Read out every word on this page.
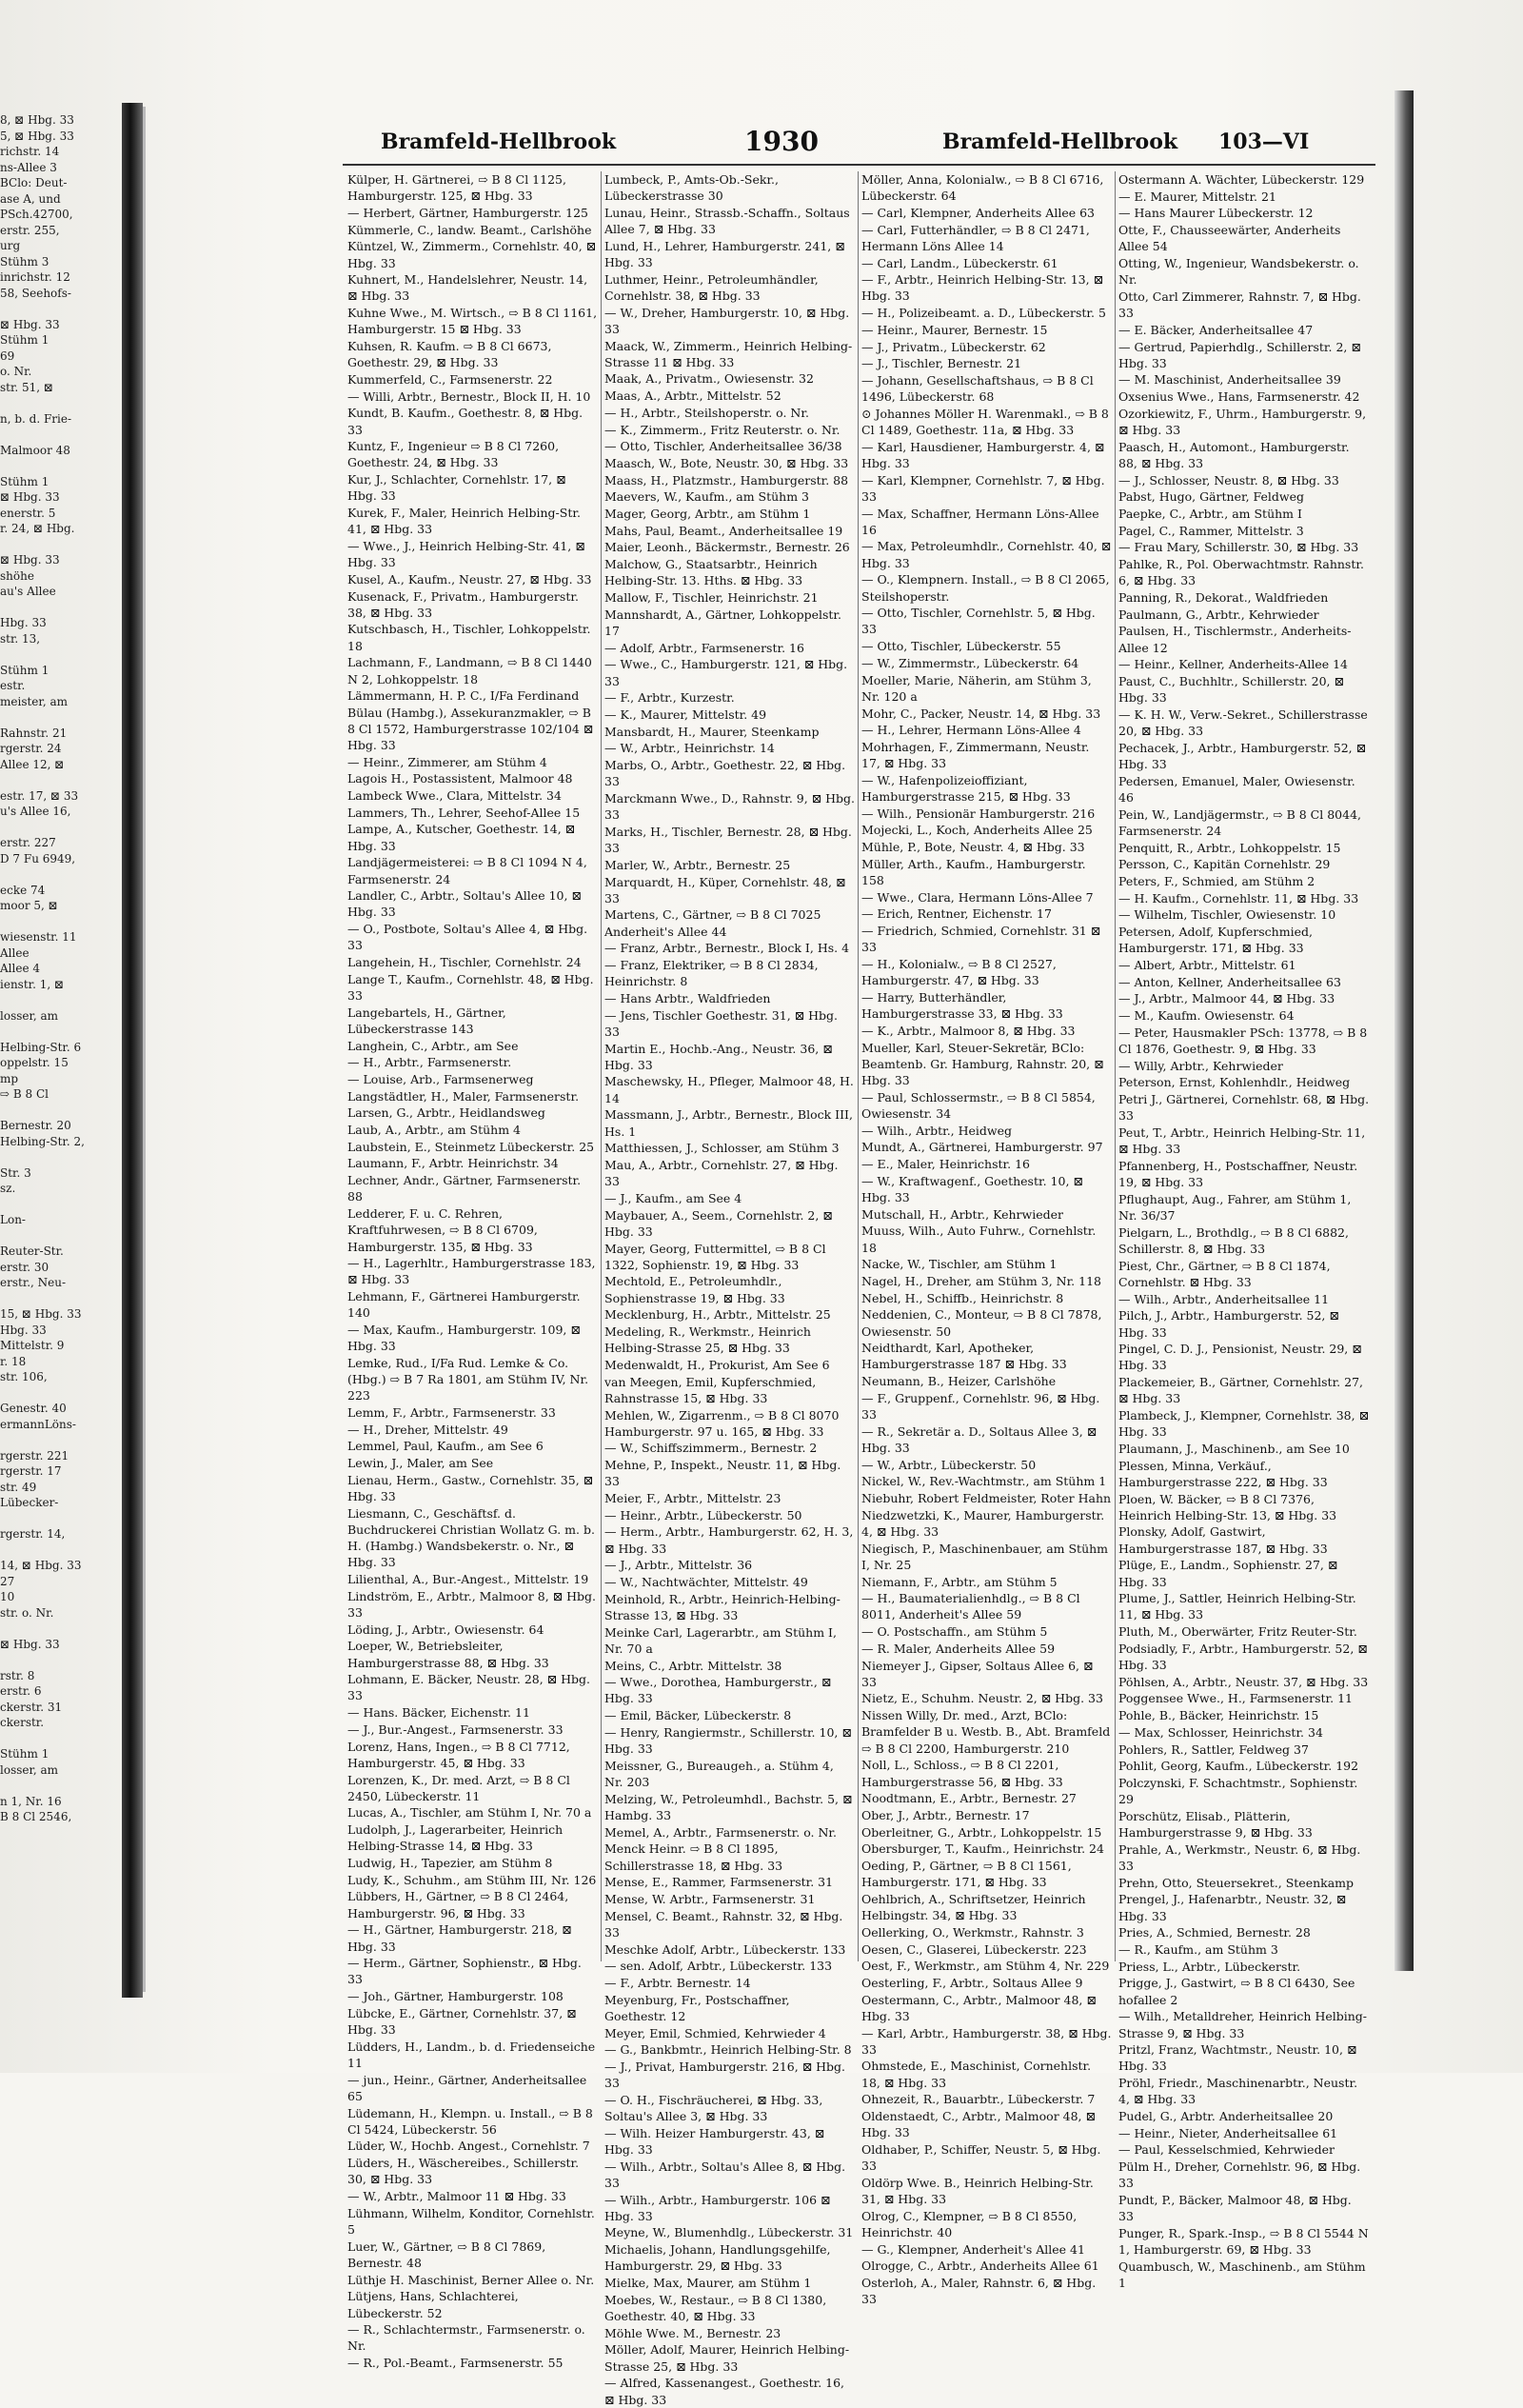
8, ⊠ Hbg. 33
5, ⊠ Hbg. 33
richstr. 14
ns-Allee 3
BClo: Deut-
ase A, und
PSch.42700,
erstr. 255,
urg
Stühm 3
inrichstr. 12
58, Seehofs-

⊠ Hbg. 33
Stühm 1
69
o. Nr.
str. 51, ⊠

n, b. d. Frie-

Malmoor 48

Stühm 1
⊠ Hbg. 33
enerstr. 5
r. 24, ⊠ Hbg.

⊠ Hbg. 33
shöhe
au's Allee

Hbg. 33
str. 13,

Stühm 1
estr.
meister, am

Rahnstr. 21
rgerstr. 24
Allee 12, ⊠

estr. 17, ⊠ 33
u's Allee 16,

erstr. 227
D 7 Fu 6949,

ecke 74
moor 5, ⊠

wiesenstr. 11
Allee
Allee 4
ienstr. 1, ⊠

losser, am

Helbing-Str. 6
oppelstr. 15
mp
⇨ B 8 Cl

Bernestr. 20
Helbing-Str. 2,

Str. 3
sz.

Lon-

Reuter-Str.
erstr. 30
erstr., Neu-

15, ⊠ Hbg. 33
Hbg. 33
Mittelstr. 9
r. 18
str. 106,

Genestr. 40
ermannLöns-

rgerstr. 221
rgerstr. 17
str. 49
Lübecker-

rgerstr. 14,

14, ⊠ Hbg. 33
27
10
str. o. Nr.

⊠ Hbg. 33

rstr. 8
erstr. 6
ckerstr. 31
ckerstr.

Stühm 1
losser, am

n 1, Nr. 16
B 8 Cl 2546,
Bramfeld-Hellbrook	1930	Bramfeld-Hellbrook 103—VI
Külper, H. Gärtnerei, ⇨ B 8 Cl 1125, Hamburgerstr. 125, ⊠ Hbg. 33
— Herbert, Gärtner, Hamburgerstr. 125
Kümmerle, C., landw. Beamt., Carlshöhe
Küntzel, W., Zimmerm., Cornehlstr. 40, ⊠ Hbg. 33
Kuhnert, M., Handelslehrer, Neustr. 14, ⊠ Hbg. 33
Kuhne Wwe., M. Wirtsch., ⇨ B 8 Cl 1161, Hamburgerstr. 15 ⊠ Hbg. 33
Kuhsen, R. Kaufm. ⇨ B 8 Cl 6673, Goethestr. 29, ⊠ Hbg. 33
Kummerfeld, C., Farmsenerstr. 22
— Willi, Arbtr., Bernestr., Block II, H. 10
Kundt, B. Kaufm., Goethestr. 8, ⊠ Hbg. 33
Kuntz, F., Ingenieur ⇨ B 8 Cl 7260, Goethestr. 24, ⊠ Hbg. 33
Kur, J., Schlachter, Cornehlstr. 17, ⊠ Hbg. 33
Kurek, F., Maler, Heinrich Helbing-Str. 41, ⊠ Hbg. 33
— Wwe., J., Heinrich Helbing-Str. 41, ⊠ Hbg. 33
Kusel, A., Kaufm., Neustr. 27, ⊠ Hbg. 33
Kusenack, F., Privatm., Hamburgerstr. 38, ⊠ Hbg. 33
Kutschbasch, H., Tischler, Lohkoppelstr. 18
Lachmann, F., Landmann, ⇨ B 8 Cl 1440 N 2, Lohkoppelstr. 18
Lämmermann, H. P. C., I/Fa Ferdinand Bülau (Hambg.), Assekuranzmakler, ⇨ B 8 Cl 1572, Hamburgerstrasse 102/104 ⊠ Hbg. 33
— Heinr., Zimmerer, am Stühm 4
Lagois H., Postassistent, Malmoor 48
Lambeck Wwe., Clara, Mittelstr. 34
Lammers, Th., Lehrer, Seehof-Allee 15
Lampe, A., Kutscher, Goethestr. 14, ⊠ Hbg. 33
Landjägermeisterei: ⇨ B 8 Cl 1094 N 4, Farmsenerstr. 24
Landler, C., Arbtr., Soltau's Allee 10, ⊠ Hbg. 33
— O., Postbote, Soltau's Allee 4, ⊠ Hbg. 33
Langehein, H., Tischler, Cornehlstr. 24
Lange T., Kaufm., Cornehlstr. 48, ⊠ Hbg. 33
Langebartels, H., Gärtner, Lübeckerstrasse 143
Langhein, C., Arbtr., am See
— H., Arbtr., Farmsenerstr.
— Louise, Arb., Farmsenerweg
Langstädtler, H., Maler, Farmsenerstr.
Larsen, G., Arbtr., Heidlandsweg
Laub, A., Arbtr., am Stühm 4
Laubstein, E., Steinmetz Lübeckerstr. 25
Laumann, F., Arbtr. Heinrichstr. 34
Lechner, Andr., Gärtner, Farmsenerstr. 88
Ledderer, F. u. C. Rehren, Kraftfuhrwesen, ⇨ B 8 Cl 6709, Hamburgerstr. 135, ⊠ Hbg. 33
— H., Lagerhltr., Hamburgerstrasse 183, ⊠ Hbg. 33
Lehmann, F., Gärtnerei Hamburgerstr. 140
— Max, Kaufm., Hamburgerstr. 109, ⊠ Hbg. 33
Lemke, Rud., I/Fa Rud. Lemke & Co. (Hbg.) ⇨ B 7 Ra 1801, am Stühm IV, Nr. 223
Lemm, F., Arbtr., Farmsenerstr. 33
— H., Dreher, Mittelstr. 49
Lemmel, Paul, Kaufm., am See 6
Lewin, J., Maler, am See
Lienau, Herm., Gastw., Cornehlstr. 35, ⊠ Hbg. 33
Liesmann, C., Geschäftsf. d. Buchdruckerei Christian Wollatz G. m. b. H. (Hambg.) Wandsbekerstr. o. Nr., ⊠ Hbg. 33
Lilienthal, A., Bur.-Angest., Mittelstr. 19
Lindström, E., Arbtr., Malmoor 8, ⊠ Hbg. 33
Löding, J., Arbtr., Owiesenstr. 64
Loeper, W., Betriebsleiter, Hamburgerstrasse 88, ⊠ Hbg. 33
Lohmann, E. Bäcker, Neustr. 28, ⊠ Hbg. 33
— Hans. Bäcker, Eichenstr. 11
— J., Bur.-Angest., Farmsenerstr. 33
Lorenz, Hans, Ingen., ⇨ B 8 Cl 7712, Hamburgerstr. 45, ⊠ Hbg. 33
Lorenzen, K., Dr. med. Arzt, ⇨ B 8 Cl 2450, Lübeckerstr. 11
Lucas, A., Tischler, am Stühm I, Nr. 70 a
Ludolph, J., Lagerarbeiter, Heinrich Helbing-Strasse 14, ⊠ Hbg. 33
Ludwig, H., Tapezier, am Stühm 8
Ludy, K., Schuhm., am Stühm III, Nr. 126
Lübbers, H., Gärtner, ⇨ B 8 Cl 2464, Hamburgerstr. 96, ⊠ Hbg. 33
— H., Gärtner, Hamburgerstr. 218, ⊠ Hbg. 33
— Herm., Gärtner, Sophienstr., ⊠ Hbg. 33
— Joh., Gärtner, Hamburgerstr. 108
Lübcke, E., Gärtner, Cornehlstr. 37, ⊠ Hbg. 33
Lüdders, H., Landm., b. d. Friedenseiche 11
— jun., Heinr., Gärtner, Anderheitsallee 65
Lüdemann, H., Klempn. u. Install., ⇨ B 8 Cl 5424, Lübeckerstr. 56
Lüder, W., Hochb. Angest., Cornehlstr. 7
Lüders, H., Wäschereibes., Schillerstr. 30, ⊠ Hbg. 33
— W., Arbtr., Malmoor 11 ⊠ Hbg. 33
Lühmann, Wilhelm, Konditor, Cornehlstr. 5
Luer, W., Gärtner, ⇨ B 8 Cl 7869, Bernestr. 48
Lüthje H. Maschinist, Berner Allee o. Nr.
Lütjens, Hans, Schlachterei, Lübeckerstr. 52
— R., Schlachtermstr., Farmsenerstr. o. Nr.
— R., Pol.-Beamt., Farmsenerstr. 55
Lumbeck, P., Amts-Ob.-Sekr., Lübeckerstrasse 30
Lunau, Heinr., Strassb.-Schaffn., Soltaus Allee 7, ⊠ Hbg. 33
Lund, H., Lehrer, Hamburgerstr. 241, ⊠ Hbg. 33
Luthmer, Heinr., Petroleumhändler, Cornehlstr. 38, ⊠ Hbg. 33
— W., Dreher, Hamburgerstr. 10, ⊠ Hbg. 33
Maack, W., Zimmerm., Heinrich Helbing-Strasse 11 ⊠ Hbg. 33
Maak, A., Privatm., Owiesenstr. 32
Maas, A., Arbtr., Mittelstr. 52
— H., Arbtr., Steilshoperstr. o. Nr.
— K., Zimmerm., Fritz Reuterstr. o. Nr.
— Otto, Tischler, Anderheitsallee 36/38
Maasch, W., Bote, Neustr. 30, ⊠ Hbg. 33
Maass, H., Platzmstr., Hamburgerstr. 88
Maevers, W., Kaufm., am Stühm 3
Mager, Georg, Arbtr., am Stühm 1
Mahs, Paul, Beamt., Anderheitsallee 19
Maier, Leonh., Bäckermstr., Bernestr. 26
Malchow, G., Staatsarbtr., Heinrich Helbing-Str. 13. Hths. ⊠ Hbg. 33
Mallow, F., Tischler, Heinrichstr. 21
Mannshardt, A., Gärtner, Lohkoppelstr. 17
— Adolf, Arbtr., Farmsenerstr. 16
— Wwe., C., Hamburgerstr. 121, ⊠ Hbg. 33
— F., Arbtr., Kurzestr.
— K., Maurer, Mittelstr. 49
Mansbardt, H., Maurer, Steenkamp
— W., Arbtr., Heinrichstr. 14
Marbs, O., Arbtr., Goethestr. 22, ⊠ Hbg. 33
Marckmann Wwe., D., Rahnstr. 9, ⊠ Hbg. 33
Marks, H., Tischler, Bernestr. 28, ⊠ Hbg. 33
Marler, W., Arbtr., Bernestr. 25
Marquardt, H., Küper, Cornehlstr. 48, ⊠ 33
Martens, C., Gärtner, ⇨ B 8 Cl 7025 Anderheit's Allee 44
— Franz, Arbtr., Bernestr., Block I, Hs. 4
— Franz, Elektriker, ⇨ B 8 Cl 2834, Heinrichstr. 8
— Hans Arbtr., Waldfrieden
— Jens, Tischler Goethestr. 31, ⊠ Hbg. 33
Martin E., Hochb.-Ang., Neustr. 36, ⊠ Hbg. 33
Maschewsky, H., Pfleger, Malmoor 48, H. 14
Massmann, J., Arbtr., Bernestr., Block III, Hs. 1
Matthiessen, J., Schlosser, am Stühm 3
Mau, A., Arbtr., Cornehlstr. 27, ⊠ Hbg. 33
— J., Kaufm., am See 4
Maybauer, A., Seem., Cornehlstr. 2, ⊠ Hbg. 33
Mayer, Georg, Futtermittel, ⇨ B 8 Cl 1322, Sophienstr. 19, ⊠ Hbg. 33
Mechtold, E., Petroleumhdlr., Sophienstrasse 19, ⊠ Hbg. 33
Mecklenburg, H., Arbtr., Mittelstr. 25
Medeling, R., Werkmstr., Heinrich Helbing-Strasse 25, ⊠ Hbg. 33
Medenwaldt, H., Prokurist, Am See 6
van Meegen, Emil, Kupferschmied, Rahnstrasse 15, ⊠ Hbg. 33
Mehlen, W., Zigarrenm., ⇨ B 8 Cl 8070 Hamburgerstr. 97 u. 165, ⊠ Hbg. 33
— W., Schiffszimmerm., Bernestr. 2
Mehne, P., Inspekt., Neustr. 11, ⊠ Hbg. 33
Meier, F., Arbtr., Mittelstr. 23
— Heinr., Arbtr., Lübeckerstr. 50
— Herm., Arbtr., Hamburgerstr. 62, H. 3, ⊠ Hbg. 33
— J., Arbtr., Mittelstr. 36
— W., Nachtwächter, Mittelstr. 49
Meinhold, R., Arbtr., Heinrich-Helbing-Strasse 13, ⊠ Hbg. 33
Meinke Carl, Lagerarbtr., am Stühm I, Nr. 70 a
Meins, C., Arbtr. Mittelstr. 38
— Wwe., Dorothea, Hamburgerstr., ⊠ Hbg. 33
— Emil, Bäcker, Lübeckerstr. 8
— Henry, Rangiermstr., Schillerstr. 10, ⊠ Hbg. 33
Meissner, G., Bureaugeh., a. Stühm 4, Nr. 203
Melzing, W., Petroleumhdl., Bachstr. 5, ⊠ Hambg. 33
Memel, A., Arbtr., Farmsenerstr. o. Nr.
Menck Heinr. ⇨ B 8 Cl 1895, Schillerstrasse 18, ⊠ Hbg. 33
Mense, E., Rammer, Farmsenerstr. 31
Mense, W. Arbtr., Farmsenerstr. 31
Mensel, C. Beamt., Rahnstr. 32, ⊠ Hbg. 33
Meschke Adolf, Arbtr., Lübeckerstr. 133
— sen. Adolf, Arbtr., Lübeckerstr. 133
— F., Arbtr. Bernestr. 14
Meyenburg, Fr., Postschaffner, Goethestr. 12
Meyer, Emil, Schmied, Kehrwieder 4
— G., Bankbmtr., Heinrich Helbing-Str. 8
— J., Privat, Hamburgerstr. 216, ⊠ Hbg. 33
— O. H., Fischräucherei, ⊠ Hbg. 33, Soltau's Allee 3, ⊠ Hbg. 33
— Wilh. Heizer Hamburgerstr. 43, ⊠ Hbg. 33
— Wilh., Arbtr., Soltau's Allee 8, ⊠ Hbg. 33
— Wilh., Arbtr., Hamburgerstr. 106 ⊠ Hbg. 33
Meyne, W., Blumenhdlg., Lübeckerstr. 31
Michaelis, Johann, Handlungsgehilfe, Hamburgerstr. 29, ⊠ Hbg. 33
Mielke, Max, Maurer, am Stühm 1
Moebes, W., Restaur., ⇨ B 8 Cl 1380, Goethestr. 40, ⊠ Hbg. 33
Möhle Wwe. M., Bernestr. 23
Möller, Adolf, Maurer, Heinrich Helbing-Strasse 25, ⊠ Hbg. 33
— Alfred, Kassenangest., Goethestr. 16, ⊠ Hbg. 33
Möller, Anna, Kolonialw., ⇨ B 8 Cl 6716, Lübeckerstr. 64
— Carl, Klempner, Anderheits Allee 63
— Carl, Futterhändler, ⇨ B 8 Cl 2471, Hermann Löns Allee 14
— Carl, Landm., Lübeckerstr. 61
— F., Arbtr., Heinrich Helbing-Str. 13, ⊠ Hbg. 33
— H., Polizeibeamt. a. D., Lübeckerstr. 5
— Heinr., Maurer, Bernestr. 15
— J., Privatm., Lübeckerstr. 62
— J., Tischler, Bernestr. 21
— Johann, Gesellschaftshaus, ⇨ B 8 Cl 1496, Lübeckerstr. 68
⊙ Johannes Möller H. Warenmakl., ⇨ B 8 Cl 1489, Goethestr. 11a, ⊠ Hbg. 33
— Karl, Hausdiener, Hamburgerstr. 4, ⊠ Hbg. 33
— Karl, Klempner, Cornehlstr. 7, ⊠ Hbg. 33
— Max, Schaffner, Hermann Löns-Allee 16
— Max, Petroleumhdlr., Cornehlstr. 40, ⊠ Hbg. 33
— O., Klempnern. Install., ⇨ B 8 Cl 2065, Steilshoperstr.
— Otto, Tischler, Cornehlstr. 5, ⊠ Hbg. 33
— Otto, Tischler, Lübeckerstr. 55
— W., Zimmermstr., Lübeckerstr. 64
Moeller, Marie, Näherin, am Stühm 3, Nr. 120 a
Mohr, C., Packer, Neustr. 14, ⊠ Hbg. 33
— H., Lehrer, Hermann Löns-Allee 4
Mohrhagen, F., Zimmermann, Neustr. 17, ⊠ Hbg. 33
— W., Hafenpolizeioffiziant, Hamburgerstrasse 215, ⊠ Hbg. 33
— Wilh., Pensionär Hamburgerstr. 216
Mojecki, L., Koch, Anderheits Allee 25
Mühle, P., Bote, Neustr. 4, ⊠ Hbg. 33
Müller, Arth., Kaufm., Hamburgerstr. 158
— Wwe., Clara, Hermann Löns-Allee 7
— Erich, Rentner, Eichenstr. 17
— Friedrich, Schmied, Cornehlstr. 31 ⊠ 33
— H., Kolonialw., ⇨ B 8 Cl 2527, Hamburgerstr. 47, ⊠ Hbg. 33
— Harry, Butterhändler, Hamburgerstrasse 33, ⊠ Hbg. 33
— K., Arbtr., Malmoor 8, ⊠ Hbg. 33
Mueller, Karl, Steuer-Sekretär, BClo: Beamtenb. Gr. Hamburg, Rahnstr. 20, ⊠ Hbg. 33
— Paul, Schlossermstr., ⇨ B 8 Cl 5854, Owiesenstr. 34
— Wilh., Arbtr., Heidweg
Mundt, A., Gärtnerei, Hamburgerstr. 97
— E., Maler, Heinrichstr. 16
— W., Kraftwagenf., Goethestr. 10, ⊠ Hbg. 33
Mutschall, H., Arbtr., Kehrwieder
Muuss, Wilh., Auto Fuhrw., Cornehlstr. 18
Nacke, W., Tischler, am Stühm 1
Nagel, H., Dreher, am Stühm 3, Nr. 118
Nebel, H., Schiffb., Heinrichstr. 8
Neddenien, C., Monteur, ⇨ B 8 Cl 7878, Owiesenstr. 50
Neidthardt, Karl, Apotheker, Hamburgerstrasse 187 ⊠ Hbg. 33
Neumann, B., Heizer, Carlshöhe
— F., Gruppenf., Cornehlstr. 96, ⊠ Hbg. 33
— R., Sekretär a. D., Soltaus Allee 3, ⊠ Hbg. 33
— W., Arbtr., Lübeckerstr. 50
Nickel, W., Rev.-Wachtmstr., am Stühm 1
Niebuhr, Robert Feldmeister, Roter Hahn
Niedzwetzki, K., Maurer, Hamburgerstr. 4, ⊠ Hbg. 33
Niegisch, P., Maschinenbauer, am Stühm I, Nr. 25
Niemann, F., Arbtr., am Stühm 5
— H., Baumaterialienhdlg., ⇨ B 8 Cl 8011, Anderheit's Allee 59
— O. Postschaffn., am Stühm 5
— R. Maler, Anderheits Allee 59
Niemeyer J., Gipser, Soltaus Allee 6, ⊠ 33
Nietz, E., Schuhm. Neustr. 2, ⊠ Hbg. 33
Nissen Willy, Dr. med., Arzt, BClo: Bramfelder B u. Westb. B., Abt. Bramfeld ⇨ B 8 Cl 2200, Hamburgerstr. 210
Noll, L., Schloss., ⇨ B 8 Cl 2201, Hamburgerstrasse 56, ⊠ Hbg. 33
Noodtmann, E., Arbtr., Bernestr. 27
Ober, J., Arbtr., Bernestr. 17
Oberleitner, G., Arbtr., Lohkoppelstr. 15
Obersburger, T., Kaufm., Heinrichstr. 24
Oeding, P., Gärtner, ⇨ B 8 Cl 1561, Hamburgerstr. 171, ⊠ Hbg. 33
Oehlbrich, A., Schriftsetzer, Heinrich Helbingstr. 34, ⊠ Hbg. 33
Oellerking, O., Werkmstr., Rahnstr. 3
Oesen, C., Glaserei, Lübeckerstr. 223
Oest, F., Werkmstr., am Stühm 4, Nr. 229
Oesterling, F., Arbtr., Soltaus Allee 9
Oestermann, C., Arbtr., Malmoor 48, ⊠ Hbg. 33
— Karl, Arbtr., Hamburgerstr. 38, ⊠ Hbg. 33
Ohmstede, E., Maschinist, Cornehlstr. 18, ⊠ Hbg. 33
Ohnezeit, R., Bauarbtr., Lübeckerstr. 7
Oldenstaedt, C., Arbtr., Malmoor 48, ⊠ Hbg. 33
Oldhaber, P., Schiffer, Neustr. 5, ⊠ Hbg. 33
Oldörp Wwe. B., Heinrich Helbing-Str. 31, ⊠ Hbg. 33
Olrog, C., Klempner, ⇨ B 8 Cl 8550, Heinrichstr. 40
— G., Klempner, Anderheit's Allee 41
Olrogge, C., Arbtr., Anderheits Allee 61
Osterloh, A., Maler, Rahnstr. 6, ⊠ Hbg. 33
Ostermann A. Wächter, Lübeckerstr. 129
— E. Maurer, Mittelstr. 21
— Hans Maurer Lübeckerstr. 12
Otte, F., Chausseewärter, Anderheits Allee 54
Otting, W., Ingenieur, Wandsbekerstr. o. Nr.
Otto, Carl Zimmerer, Rahnstr. 7, ⊠ Hbg. 33
— E. Bäcker, Anderheitsallee 47
— Gertrud, Papierhdlg., Schillerstr. 2, ⊠ Hbg. 33
— M. Maschinist, Anderheitsallee 39
Oxsenius Wwe., Hans, Farmsenerstr. 42
Ozorkiewitz, F., Uhrm., Hamburgerstr. 9, ⊠ Hbg. 33
Paasch, H., Automont., Hamburgerstr. 88, ⊠ Hbg. 33
— J., Schlosser, Neustr. 8, ⊠ Hbg. 33
Pabst, Hugo, Gärtner, Feldweg
Paepke, C., Arbtr., am Stühm I
Pagel, C., Rammer, Mittelstr. 3
— Frau Mary, Schillerstr. 30, ⊠ Hbg. 33
Pahlke, R., Pol. Oberwachtmstr. Rahnstr. 6, ⊠ Hbg. 33
Panning, R., Dekorat., Waldfrieden
Paulmann, G., Arbtr., Kehrwieder
Paulsen, H., Tischlermstr., Anderheits-Allee 12
— Heinr., Kellner, Anderheits-Allee 14
Paust, C., Buchhltr., Schillerstr. 20, ⊠ Hbg. 33
— K. H. W., Verw.-Sekret., Schillerstrasse 20, ⊠ Hbg. 33
Pechacek, J., Arbtr., Hamburgerstr. 52, ⊠ Hbg. 33
Pedersen, Emanuel, Maler, Owiesenstr. 46
Pein, W., Landjägermstr., ⇨ B 8 Cl 8044, Farmsenerstr. 24
Penquitt, R., Arbtr., Lohkoppelstr. 15
Persson, C., Kapitän Cornehlstr. 29
Peters, F., Schmied, am Stühm 2
— H. Kaufm., Cornehlstr. 11, ⊠ Hbg. 33
— Wilhelm, Tischler, Owiesenstr. 10
Petersen, Adolf, Kupferschmied, Hamburgerstr. 171, ⊠ Hbg. 33
— Albert, Arbtr., Mittelstr. 61
— Anton, Kellner, Anderheitsallee 63
— J., Arbtr., Malmoor 44, ⊠ Hbg. 33
— M., Kaufm. Owiesenstr. 64
— Peter, Hausmakler PSch: 13778, ⇨ B 8 Cl 1876, Goethestr. 9, ⊠ Hbg. 33
— Willy, Arbtr., Kehrwieder
Peterson, Ernst, Kohlenhdlr., Heidweg
Petri J., Gärtnerei, Cornehlstr. 68, ⊠ Hbg. 33
Peut, T., Arbtr., Heinrich Helbing-Str. 11, ⊠ Hbg. 33
Pfannenberg, H., Postschaffner, Neustr. 19, ⊠ Hbg. 33
Pflughaupt, Aug., Fahrer, am Stühm 1, Nr. 36/37
Pielgarn, L., Brothdlg., ⇨ B 8 Cl 6882, Schillerstr. 8, ⊠ Hbg. 33
Piest, Chr., Gärtner, ⇨ B 8 Cl 1874, Cornehlstr. ⊠ Hbg. 33
— Wilh., Arbtr., Anderheitsallee 11
Pilch, J., Arbtr., Hamburgerstr. 52, ⊠ Hbg. 33
Pingel, C. D. J., Pensionist, Neustr. 29, ⊠ Hbg. 33
Plackemeier, B., Gärtner, Cornehlstr. 27, ⊠ Hbg. 33
Plambeck, J., Klempner, Cornehlstr. 38, ⊠ Hbg. 33
Plaumann, J., Maschinenb., am See 10
Plessen, Minna, Verkäuf., Hamburgerstrasse 222, ⊠ Hbg. 33
Ploen, W. Bäcker, ⇨ B 8 Cl 7376, Heinrich Helbing-Str. 13, ⊠ Hbg. 33
Plonsky, Adolf, Gastwirt, Hamburgerstrasse 187, ⊠ Hbg. 33
Plüge, E., Landm., Sophienstr. 27, ⊠ Hbg. 33
Plume, J., Sattler, Heinrich Helbing-Str. 11, ⊠ Hbg. 33
Pluth, M., Oberwärter, Fritz Reuter-Str.
Podsiadly, F., Arbtr., Hamburgerstr. 52, ⊠ Hbg. 33
Pöhlsen, A., Arbtr., Neustr. 37, ⊠ Hbg. 33
Poggensee Wwe., H., Farmsenerstr. 11
Pohle, B., Bäcker, Heinrichstr. 15
— Max, Schlosser, Heinrichstr. 34
Pohlers, R., Sattler, Feldweg 37
Pohlit, Georg, Kaufm., Lübeckerstr. 192
Polczynski, F. Schachtmstr., Sophienstr. 29
Porschütz, Elisab., Plätterin, Hamburgerstrasse 9, ⊠ Hbg. 33
Prahle, A., Werkmstr., Neustr. 6, ⊠ Hbg. 33
Prehn, Otto, Steuersekret., Steenkamp
Prengel, J., Hafenarbtr., Neustr. 32, ⊠ Hbg. 33
Pries, A., Schmied, Bernestr. 28
— R., Kaufm., am Stühm 3
Priess, L., Arbtr., Lübeckerstr.
Prigge, J., Gastwirt, ⇨ B 8 Cl 6430, See hofallee 2
— Wilh., Metalldreher, Heinrich Helbing-Strasse 9, ⊠ Hbg. 33
Pritzl, Franz, Wachtmstr., Neustr. 10, ⊠ Hbg. 33
Pröhl, Friedr., Maschinenarbtr., Neustr. 4, ⊠ Hbg. 33
Pudel, G., Arbtr. Anderheitsallee 20
— Heinr., Nieter, Anderheitsallee 61
— Paul, Kesselschmied, Kehrwieder
Pülm H., Dreher, Cornehlstr. 96, ⊠ Hbg. 33
Pundt, P., Bäcker, Malmoor 48, ⊠ Hbg. 33
Punger, R., Spark.-Insp., ⇨ B 8 Cl 5544 N 1, Hamburgerstr. 69, ⊠ Hbg. 33
Quambusch, W., Maschinenb., am Stühm 1
